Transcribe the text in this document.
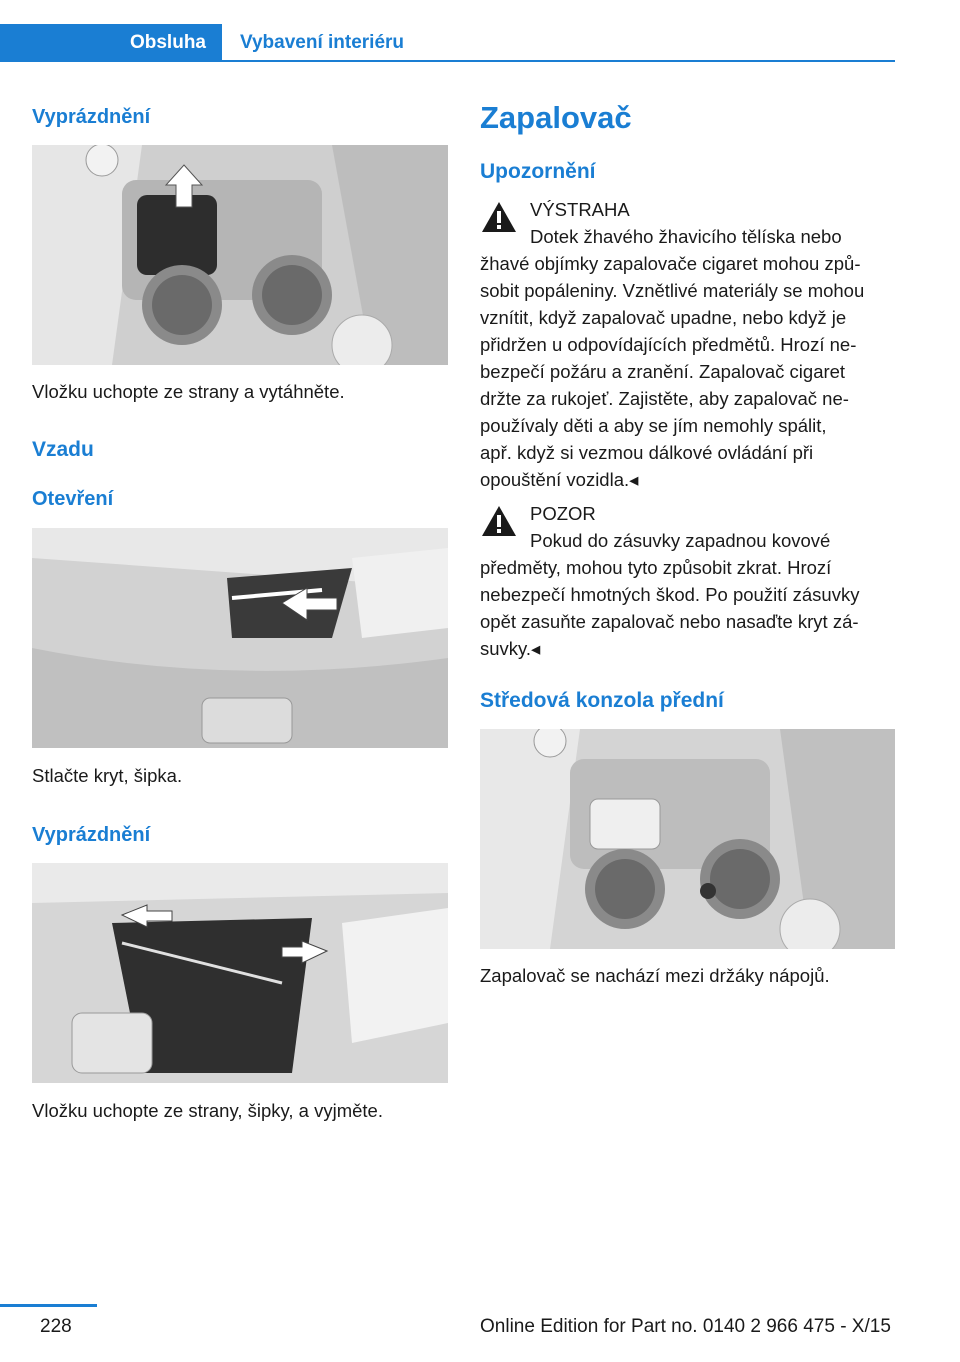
Obsluha	Vybavení interiéru
Vyprázdnění

Vložku uchopte ze strany a vytáhněte.

Vzadu
Otevření

Stlačte kryt, šipka.

Vyprázdnění

Vložku uchopte ze strany, šipky, a vyjměte.

Zapalovač
Upozornění
VÝSTRAHA
Dotek žhavého žhavicího tělíska nebo
žhavé objímky zapalovače cigaret mohou způ-
sobit popáleniny. Vznětlivé materiály se mohou
vznítit, když zapalovač upadne, nebo když je
přidržen u odpovídajících předmětů. Hrozí ne-
bezpečí požáru a zranění. Zapalovač cigaret
držte za rukojeť. Zajistěte, aby zapalovač ne-
používaly děti a aby se jím nemohly spálit,
apř. když si vezmou dálkové ovládání při
opouštění vozidla.◂
POZOR
Pokud do zásuvky zapadnou kovové
předměty, mohou tyto způsobit zkrat. Hrozí
nebezpečí hmotných škod. Po použití zásuvky
opět zasuňte zapalovač nebo nasaďte kryt zá-
suvky.◂
Středová konzola přední

Zapalovač se nachází mezi držáky nápojů.

228	Online Edition for Part no. 0140 2 966 475 - X/15
